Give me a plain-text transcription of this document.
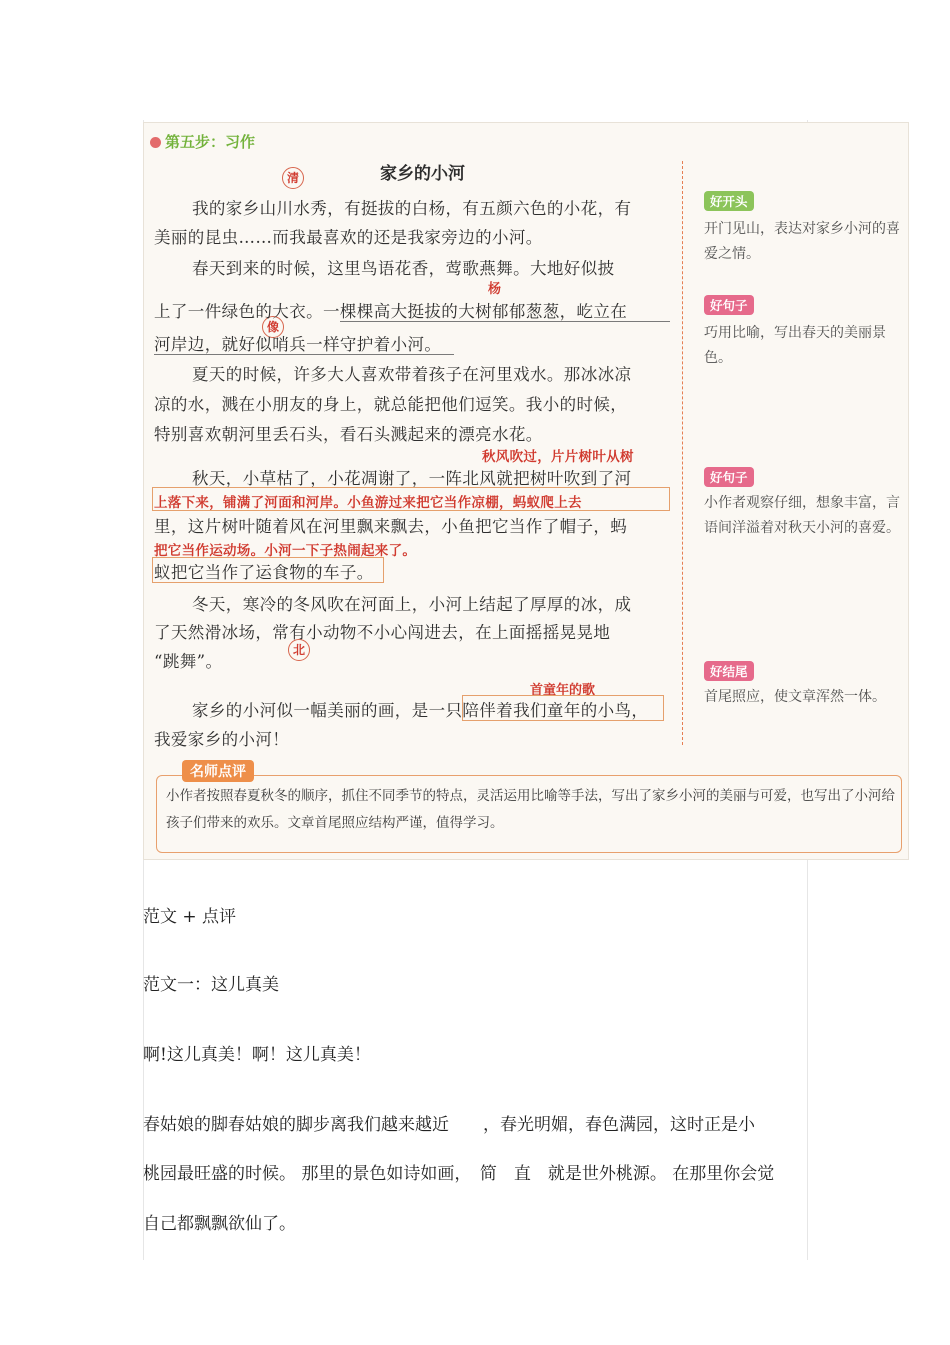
第五步：习作
家乡的小河
清
杨
像
北
我的家乡山川水秀，有挺拔的白杨，有五颜六色的小花，有
美丽的昆虫……而我最喜欢的还是我家旁边的小河。
春天到来的时候，这里鸟语花香，莺歌燕舞。大地好似披
上了一件绿色的大衣。一棵棵高大挺拔的大树郁郁葱葱，屹立在
河岸边，就好似哨兵一样守护着小河。
夏天的时候，许多大人喜欢带着孩子在河里戏水。那冰冰凉
凉的水，溅在小朋友的身上，就总能把他们逗笑。我小的时候，
特别喜欢朝河里丢石头，看石头溅起来的漂亮水花。
秋风吹过，片片树叶从树
秋天，小草枯了，小花凋谢了，一阵北风就把树叶吹到了河
上落下来，铺满了河面和河岸。小鱼游过来把它当作凉棚，蚂蚁爬上去
里，这片树叶随着风在河里飘来飘去，小鱼把它当作了帽子，蚂
把它当作运动场。小河一下子热闹起来了。
蚁把它当作了运食物的车子。
冬天，寒冷的冬风吹在河面上，小河上结起了厚厚的冰，成
了天然滑冰场，常有小动物不小心闯进去，在上面摇摇晃晃地
“跳舞”。
首童年的歌
家乡的小河似一幅美丽的画，是一只陪伴着我们童年的小鸟，
我爱家乡的小河！
好开头
开门见山，表达对家乡小河的喜爱之情。
好句子
巧用比喻，写出春天的美丽景色。
好句子
小作者观察仔细，想象丰富，言语间洋溢着对秋天小河的喜爱。
好结尾
首尾照应，使文章浑然一体。
名师点评
小作者按照春夏秋冬的顺序，抓住不同季节的特点，灵活运用比喻等手法，写出了家乡小河的美丽与可爱，也写出了小河给孩子们带来的欢乐。文章首尾照应结构严谨，值得学习。
范文 + 点评
范文一：这儿真美
啊!这儿真美！啊！这儿真美！
春姑娘的脚春姑娘的脚步离我们越来越近　　，春光明媚，春色满园，这时正是小
桃园最旺盛的时候。 那里的景色如诗如画，　简　直　就是世外桃源。 在那里你会觉
自己都飘飘欲仙了。
